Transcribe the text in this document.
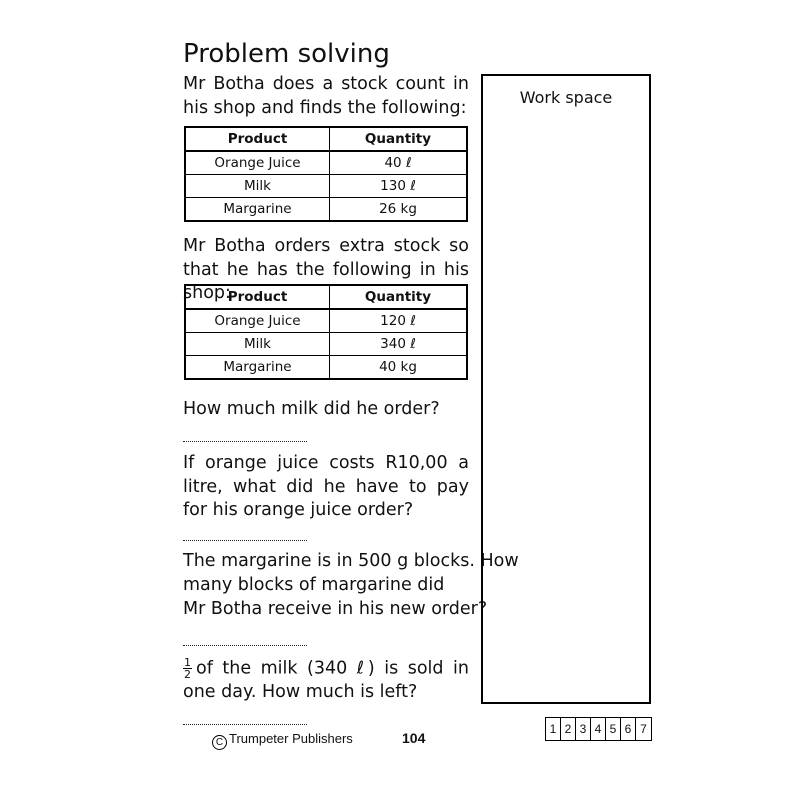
Problem solving
Mr Botha does a stock count in his shop and finds the following:
Product	Quantity
Orange Juice	40 ℓ
Milk	130 ℓ
Margarine	26 kg
Mr Botha orders extra stock so that he has the following in his shop:
Product	Quantity
Orange Juice	120 ℓ
Milk	340 ℓ
Margarine	40 kg
How much milk did he order?
If orange juice costs R10,00 a litre, what did he have to pay for his orange juice order?
The margarine is in 500 g blocks. How
many blocks of margarine did
Mr Botha receive in his new order?
$\frac{1}{2}$ of the milk (340 ℓ) is sold in one day. How much is left?
Work space
1 2 3 4 5 6 7
C Trumpeter Publishers	104
